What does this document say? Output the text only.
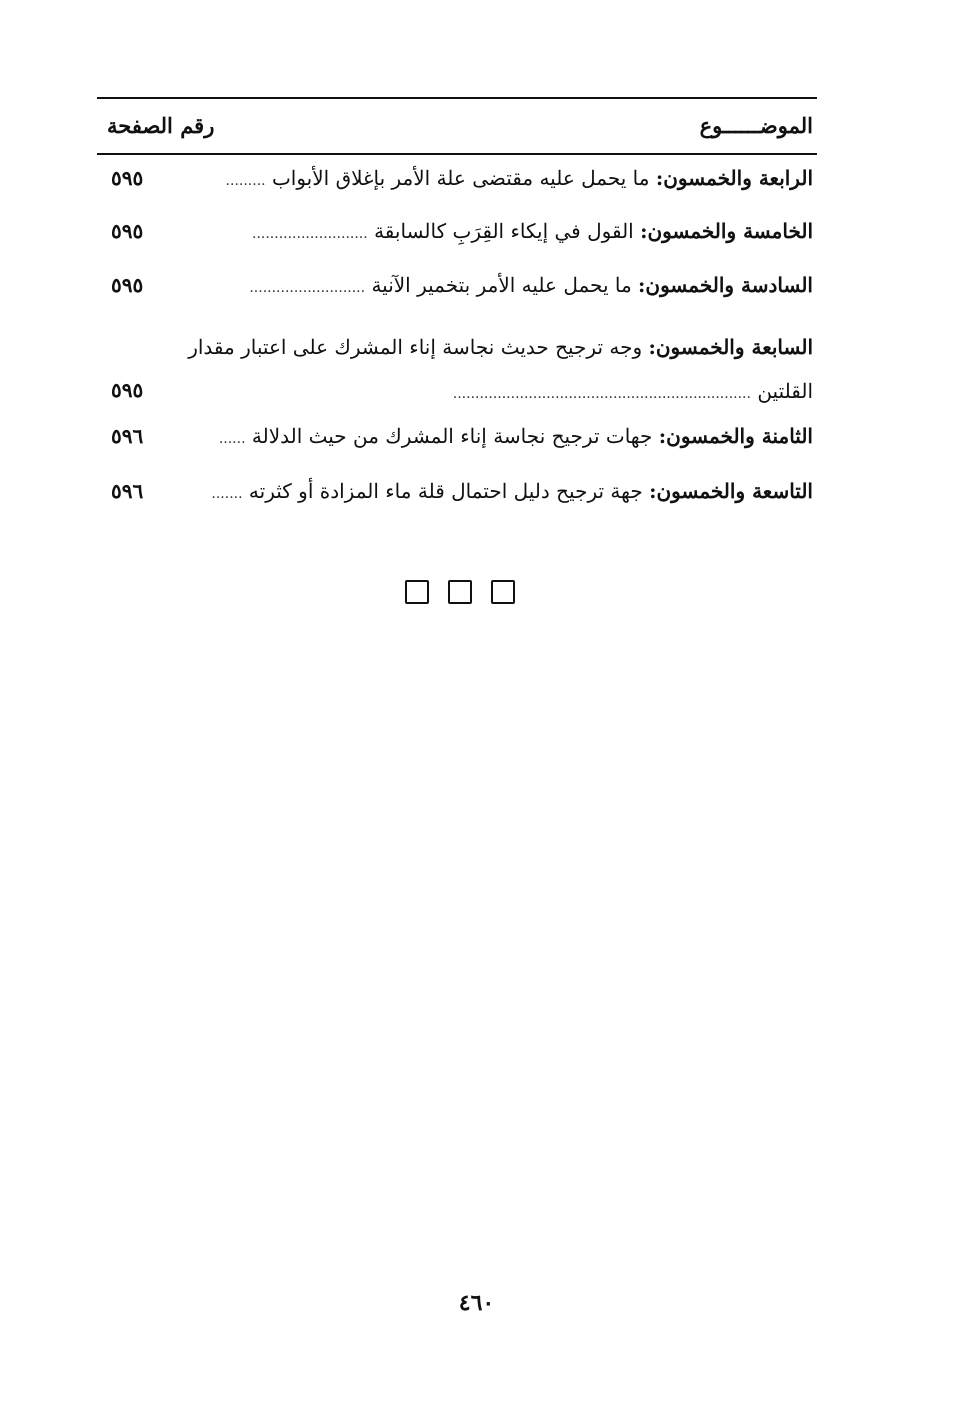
الموضــــــوع
رقم الصفحة
الرابعة والخمسون: ما يحمل عليه مقتضى علة الأمر بإغلاق الأبواب .........
٥٩٥
الخامسة والخمسون: القول في إيكاء القِرَبِ كالسابقة ..........................
٥٩٥
السادسة والخمسون: ما يحمل عليه الأمر بتخمير الآنية ..........................
٥٩٥
السابعة والخمسون: وجه ترجيح حديث نجاسة إناء المشرك على اعتبار مقدار القلتين ...................................................................
٥٩٥
الثامنة والخمسون: جهات ترجيح نجاسة إناء المشرك من حيث الدلالة ......
٥٩٦
التاسعة والخمسون: جهة ترجيح دليل احتمال قلة ماء المزادة أو كثرته .......
٥٩٦
٤٦٠
